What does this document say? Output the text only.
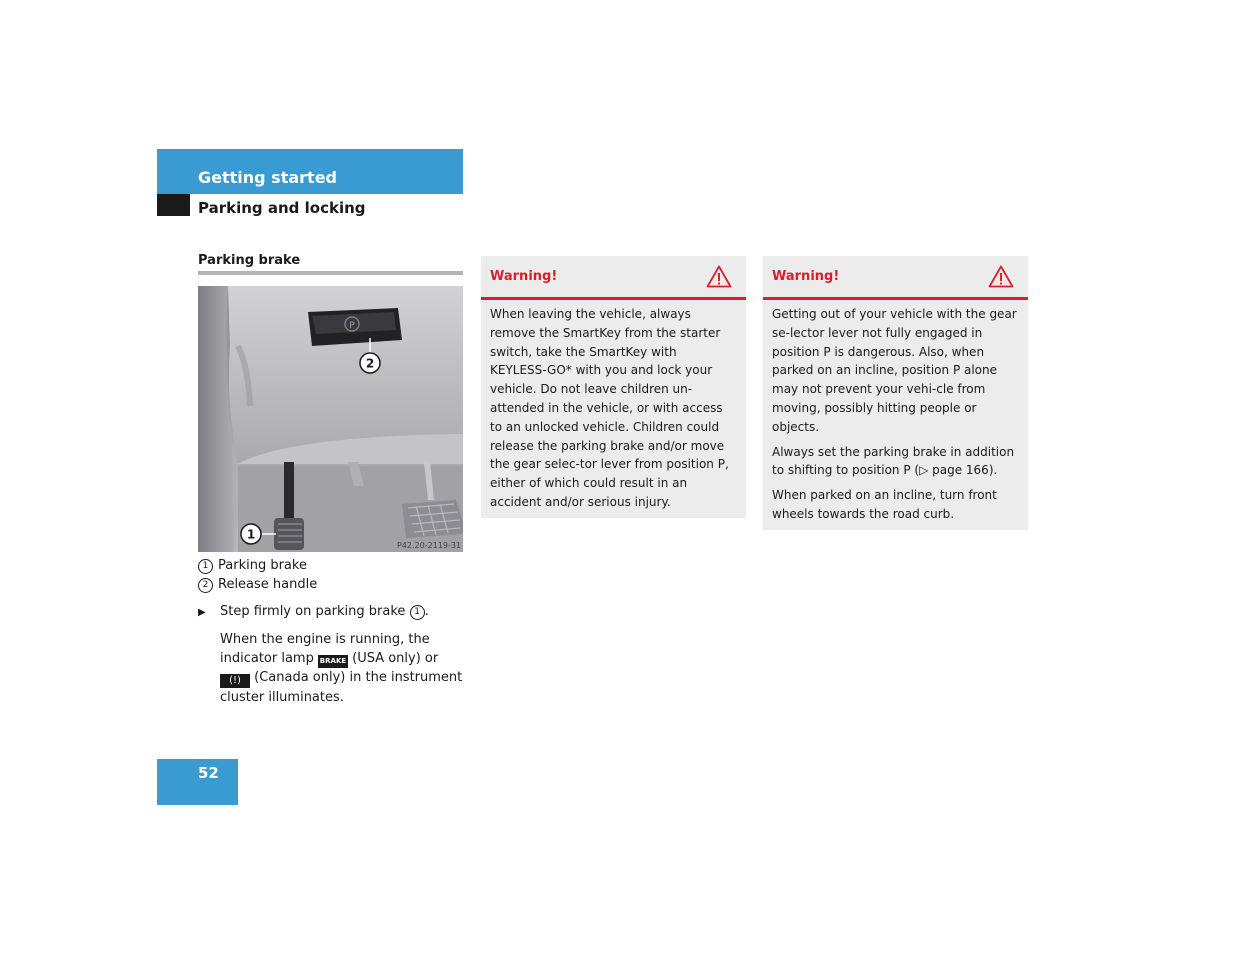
Getting started
Parking and locking
Parking brake
P
2
1
P42.20-2119-31
1 Parking brake
2 Release handle
▶ Step firmly on parking brake 1 .
When the engine is running, the indicator lamp BRAKE (USA only) or
(!) (Canada only) in the instrument cluster illuminates.
Warning!

When leaving the vehicle, always remove the SmartKey from the starter switch, take the SmartKey with KEYLESS-GO* with you and lock your vehicle. Do not leave children un-attended in the vehicle, or with access to an unlocked vehicle. Children could release the parking brake and/or move the gear selec-tor lever from position P, either of which could result in an accident and/or serious injury.

Warning!

Getting out of your vehicle with the gear se-lector lever not fully engaged in position P is dangerous. Also, when parked on an incline, position P alone may not prevent your vehi-cle from moving, possibly hitting people or objects.

Always set the parking brake in addition to shifting to position P (▷ page 166).

When parked on an incline, turn front wheels towards the road curb.

52
